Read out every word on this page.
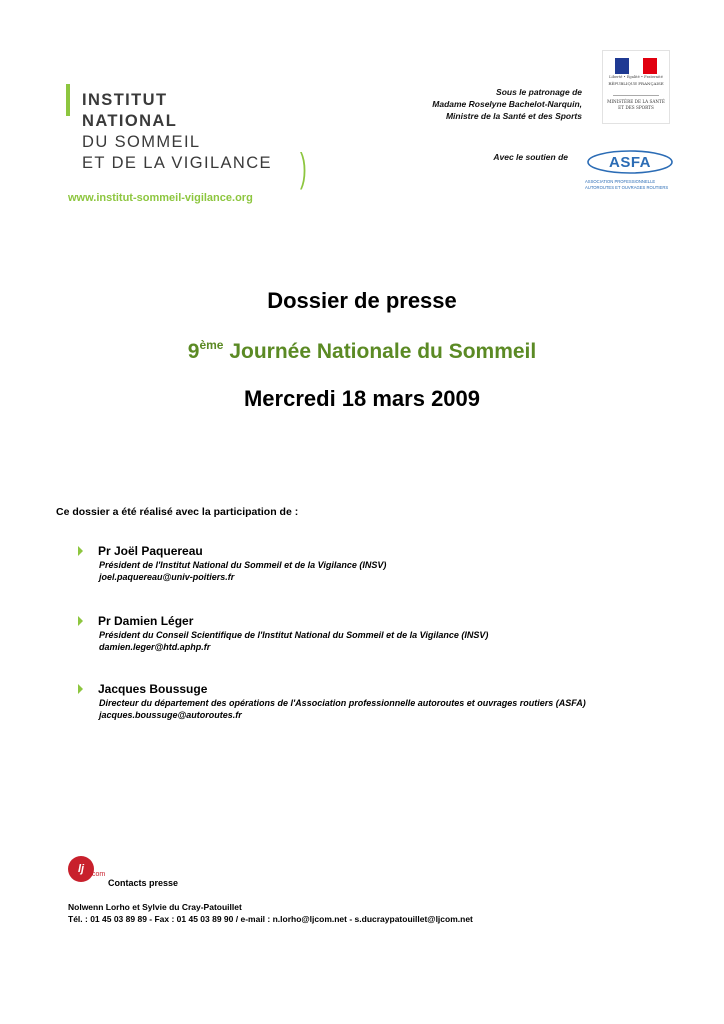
INSTITUT
NATIONAL
DU SOMMEIL
ET DE LA VIGILANCE )
www.institut-sommeil-vigilance.org
Sous le patronage de
Madame Roselyne Bachelot-Narquin,
Ministre de la Santé et des Sports
Avec le soutien de
Liberté • Égalité • Fraternité
RÉPUBLIQUE FRANÇAISE
MINISTÈRE DE LA SANTÉ
ET DES SPORTS
ASFA
ASSOCIATION PROFESSIONNELLE
AUTOROUTES ET OUVRAGES ROUTIERS
Dossier de presse
9ème Journée Nationale du Sommeil
Mercredi 18 mars 2009
Ce dossier a été réalisé avec la participation de :
Pr Joël Paquereau
Président de l'Institut National du Sommeil et de la Vigilance (INSV)
joel.paquereau@univ-poitiers.fr
Pr Damien Léger
Président du Conseil Scientifique de l'Institut National du Sommeil et de la Vigilance (INSV)
damien.leger@htd.aphp.fr
Jacques Boussuge
Directeur du département des opérations de l'Association professionnelle autoroutes et ouvrages routiers (ASFA)
jacques.boussuge@autoroutes.fr
lj	com
Contacts presse
Nolwenn Lorho et Sylvie du Cray-Patouillet
Tél. : 01 45 03 89 89 - Fax : 01 45 03 89 90 / e-mail : n.lorho@ljcom.net - s.ducraypatouillet@ljcom.net
